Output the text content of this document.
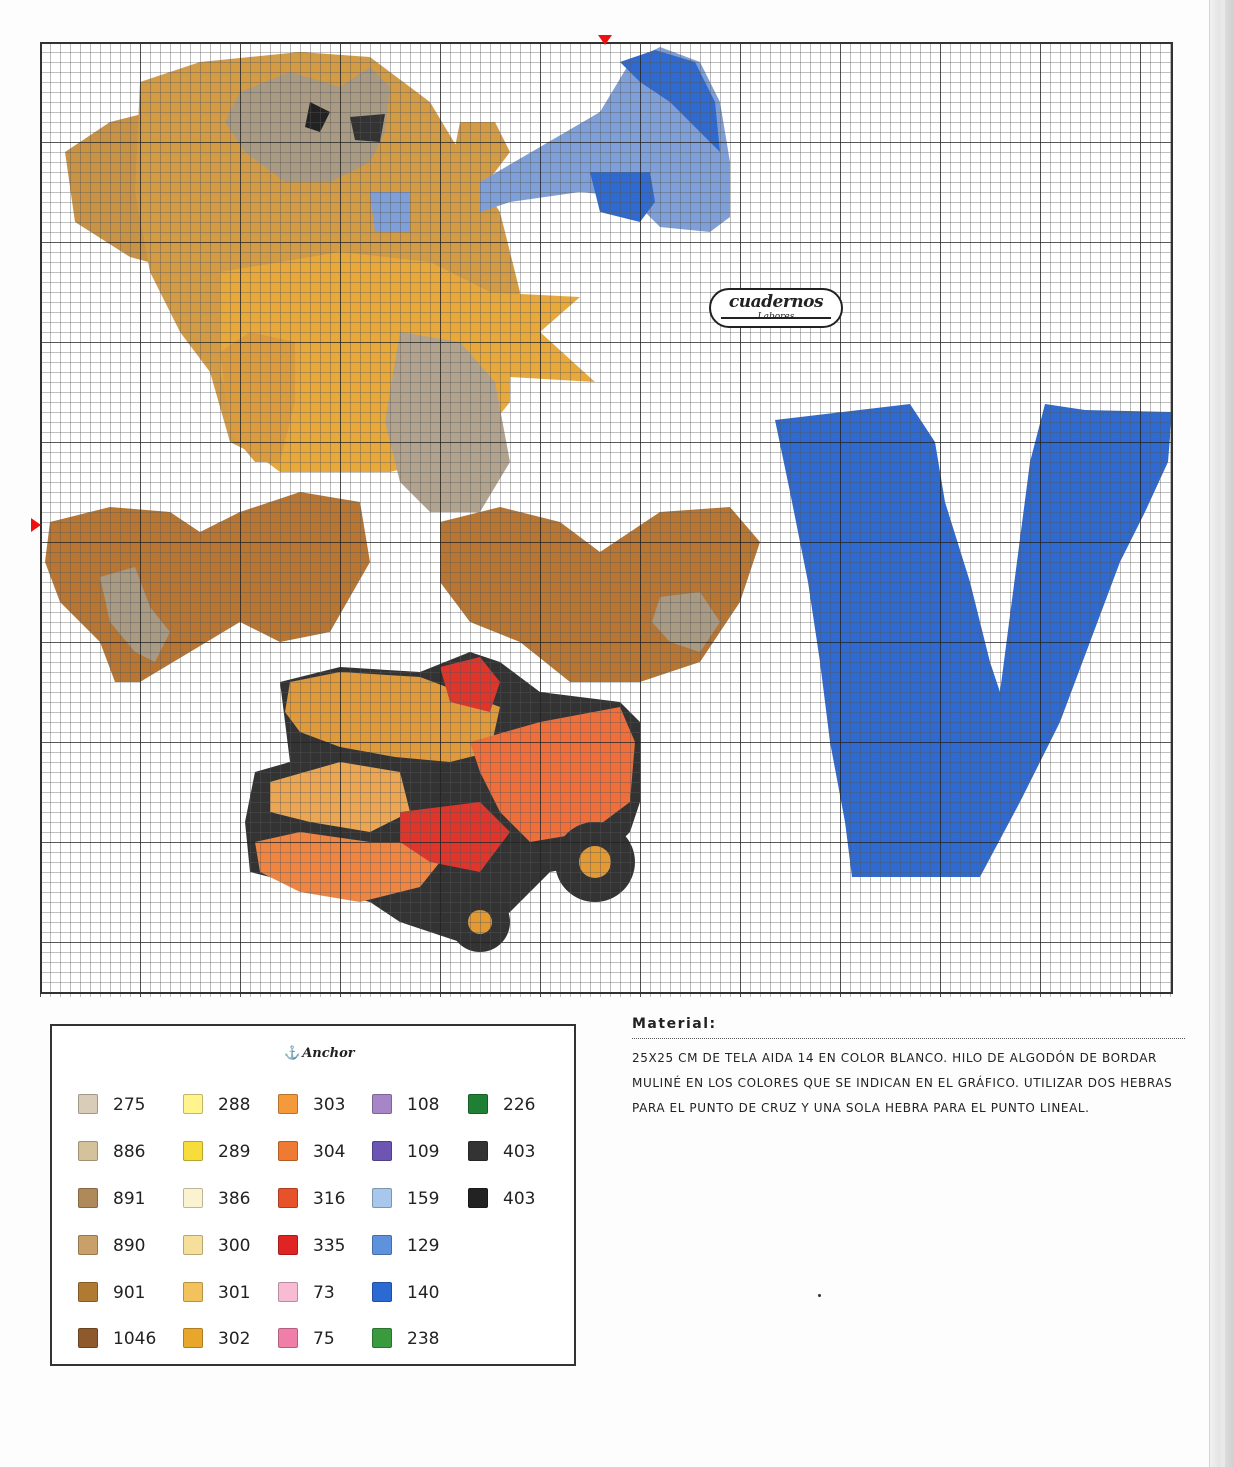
cuadernos
⚓ Anchor
275
886
891
890
901
1046
288
289
386
300
301
302
303
304
316
335
73
75
108
109
159
129
140
238
226
403
403
Material:
25X25 CM DE TELA AIDA 14 EN COLOR BLANCO. HILO DE ALGODÓN DE BORDAR MULINÉ EN LOS COLORES QUE SE INDICAN EN EL GRÁFICO. UTILIZAR DOS HEBRAS PARA EL PUNTO DE CRUZ Y UNA SOLA HEBRA PARA EL PUNTO LINEAL.
